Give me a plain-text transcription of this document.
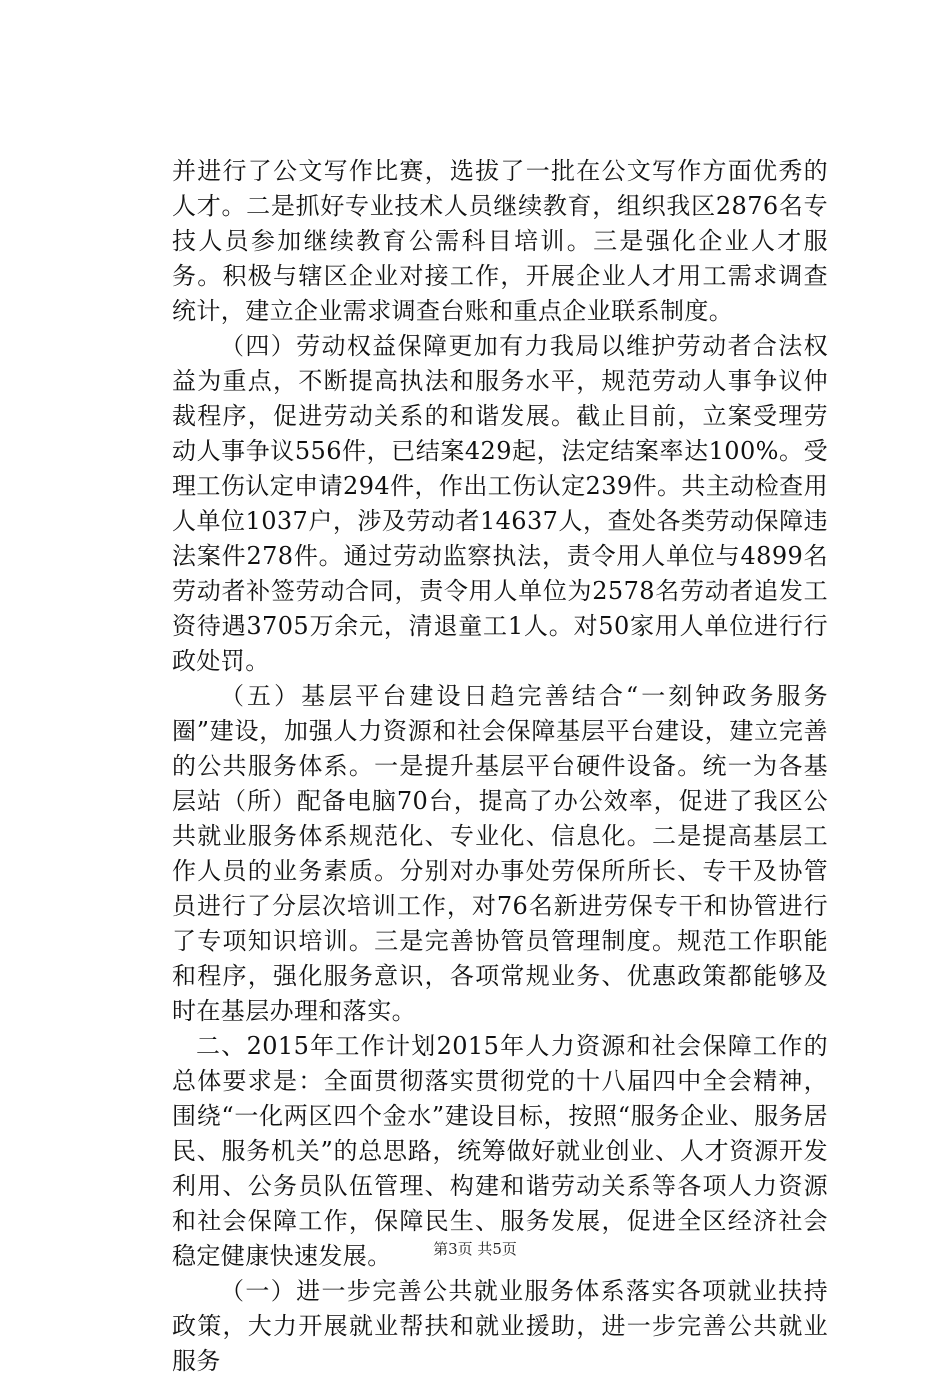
并进行了公文写作比赛，选拔了一批在公文写作方面优秀的人才。二是抓好专业技术人员继续教育，组织我区2876名专技人员参加继续教育公需科目培训。三是强化企业人才服务。积极与辖区企业对接工作，开展企业人才用工需求调查统计，建立企业需求调查台账和重点企业联系制度。

（四）劳动权益保障更加有力我局以维护劳动者合法权益为重点，不断提高执法和服务水平，规范劳动人事争议仲裁程序，促进劳动关系的和谐发展。截止目前，立案受理劳动人事争议556件，已结案429起，法定结案率达100%。受理工伤认定申请294件，作出工伤认定239件。共主动检查用人单位1037户，涉及劳动者14637人，查处各类劳动保障违法案件278件。通过劳动监察执法，责令用人单位与4899名劳动者补签劳动合同，责令用人单位为2578名劳动者追发工资待遇3705万余元，清退童工1人。对50家用人单位进行行政处罚。

（五）基层平台建设日趋完善结合“一刻钟政务服务圈”建设，加强人力资源和社会保障基层平台建设，建立完善的公共服务体系。一是提升基层平台硬件设备。统一为各基层站（所）配备电脑70台，提高了办公效率，促进了我区公共就业服务体系规范化、专业化、信息化。二是提高基层工作人员的业务素质。分别对办事处劳保所所长、专干及协管员进行了分层次培训工作，对76名新进劳保专干和协管进行了专项知识培训。三是完善协管员管理制度。规范工作职能和程序，强化服务意识，各项常规业务、优惠政策都能够及时在基层办理和落实。

二、2015年工作计划2015年人力资源和社会保障工作的总体要求是：全面贯彻落实贯彻党的十八届四中全会精神，围绕“一化两区四个金水”建设目标，按照“服务企业、服务居民、服务机关”的总思路，统筹做好就业创业、人才资源开发利用、公务员队伍管理、构建和谐劳动关系等各项人力资源和社会保障工作，保障民生、服务发展，促进全区经济社会稳定健康快速发展。

（一）进一步完善公共就业服务体系落实各项就业扶持政策，大力开展就业帮扶和就业援助，进一步完善公共就业服务

第3页 共5页
